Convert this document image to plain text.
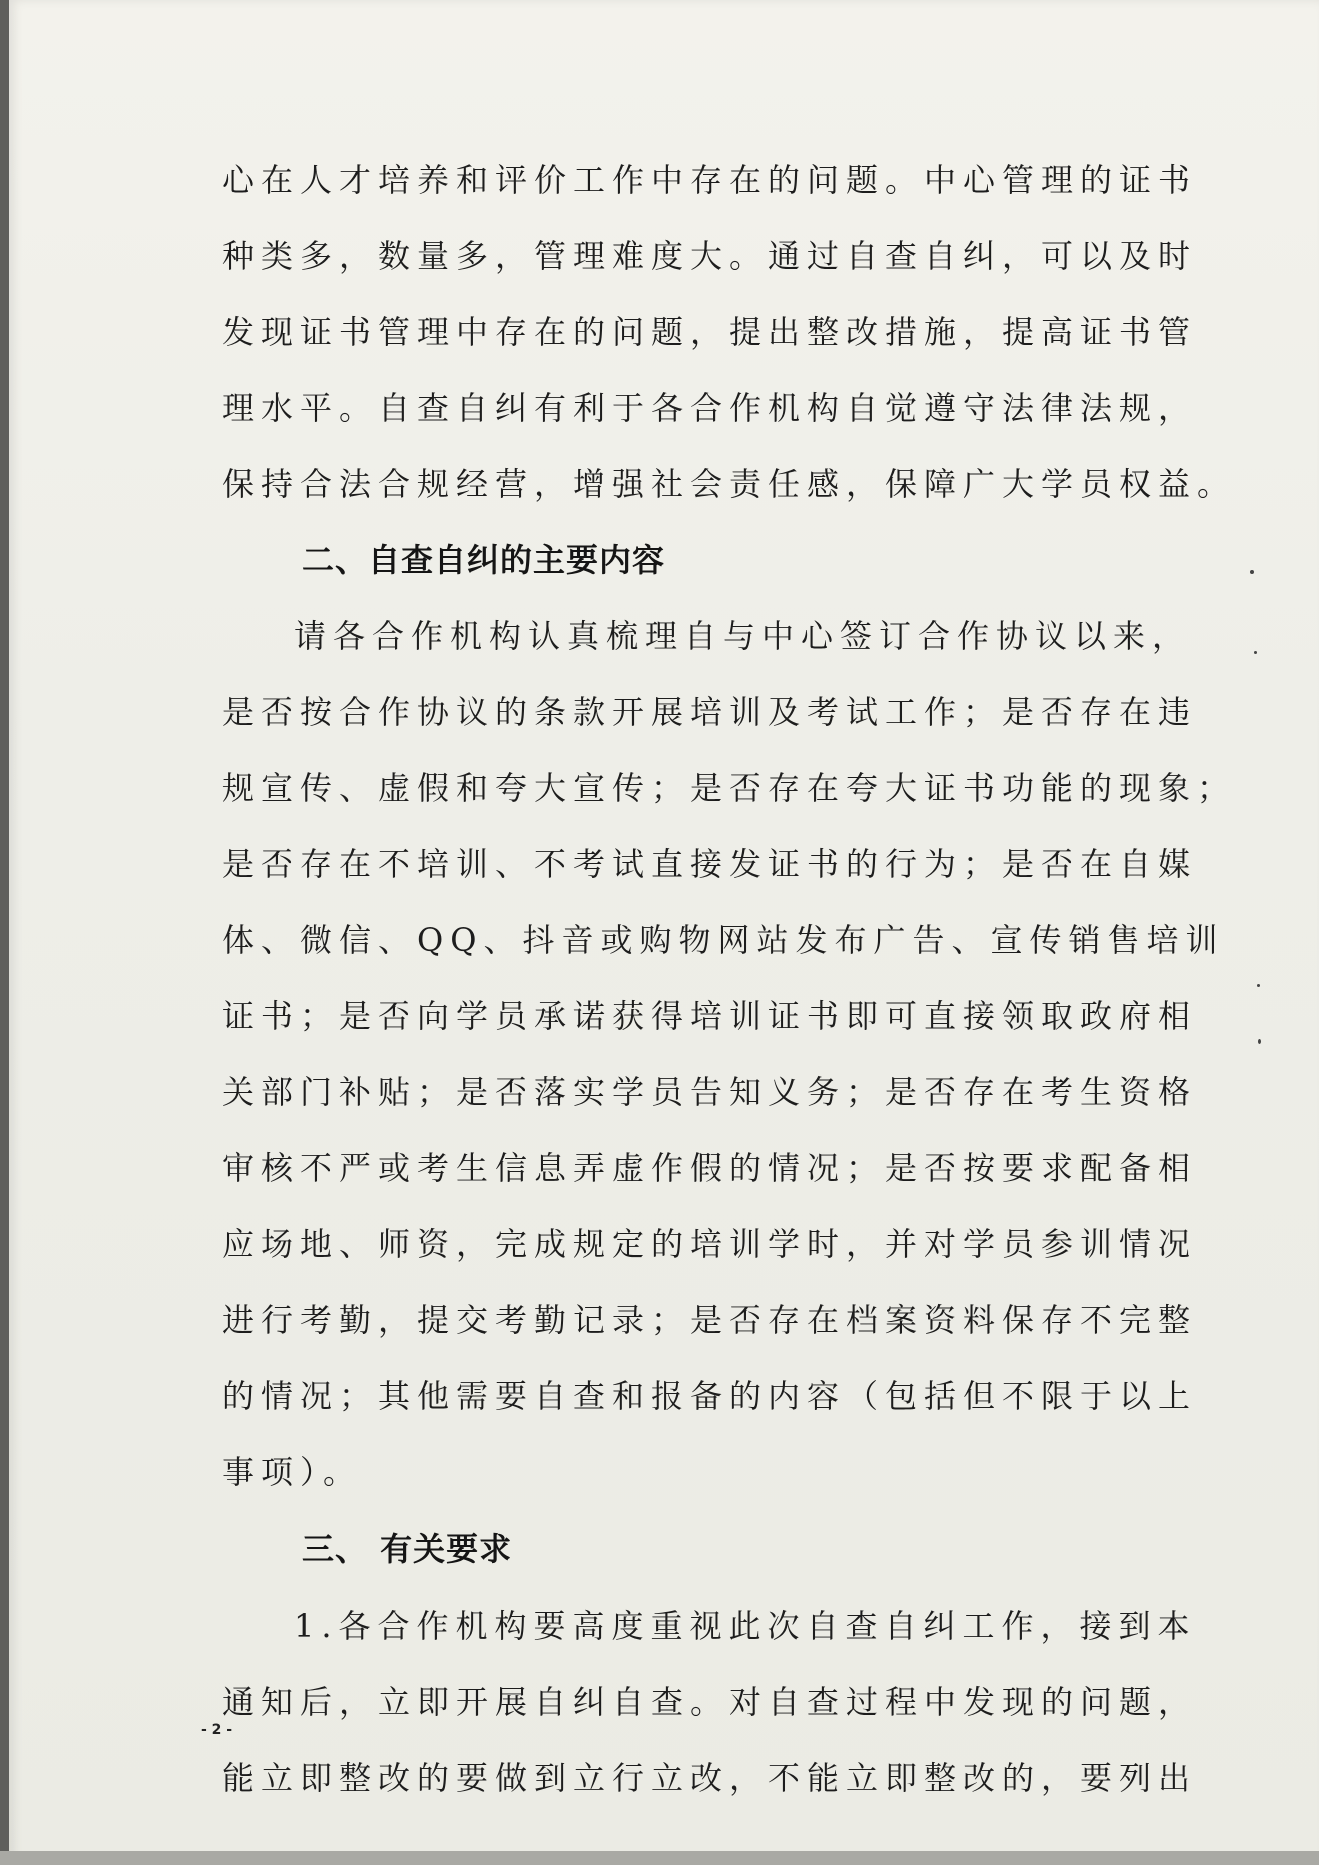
心在人才培养和评价工作中存在的问题。中心管理的证书
种类多，数量多，管理难度大。通过自查自纠，可以及时
发现证书管理中存在的问题，提出整改措施，提高证书管
理水平。自查自纠有利于各合作机构自觉遵守法律法规，
保持合法合规经营，增强社会责任感，保障广大学员权益。
二、自查自纠的主要内容
请各合作机构认真梳理自与中心签订合作协议以来，
是否按合作协议的条款开展培训及考试工作；是否存在违
规宣传、虚假和夸大宣传；是否存在夸大证书功能的现象；
是否存在不培训、不考试直接发证书的行为；是否在自媒
体、微信、QQ、抖音或购物网站发布广告、宣传销售培训
证书；是否向学员承诺获得培训证书即可直接领取政府相
关部门补贴；是否落实学员告知义务；是否存在考生资格
审核不严或考生信息弄虚作假的情况；是否按要求配备相
应场地、师资，完成规定的培训学时，并对学员参训情况
进行考勤，提交考勤记录；是否存在档案资料保存不完整
的情况；其他需要自查和报备的内容（包括但不限于以上
事项）。
三、 有关要求
1.各合作机构要高度重视此次自查自纠工作，接到本
通知后，立即开展自纠自查。对自查过程中发现的问题，
能立即整改的要做到立行立改，不能立即整改的，要列出
- 2 -
